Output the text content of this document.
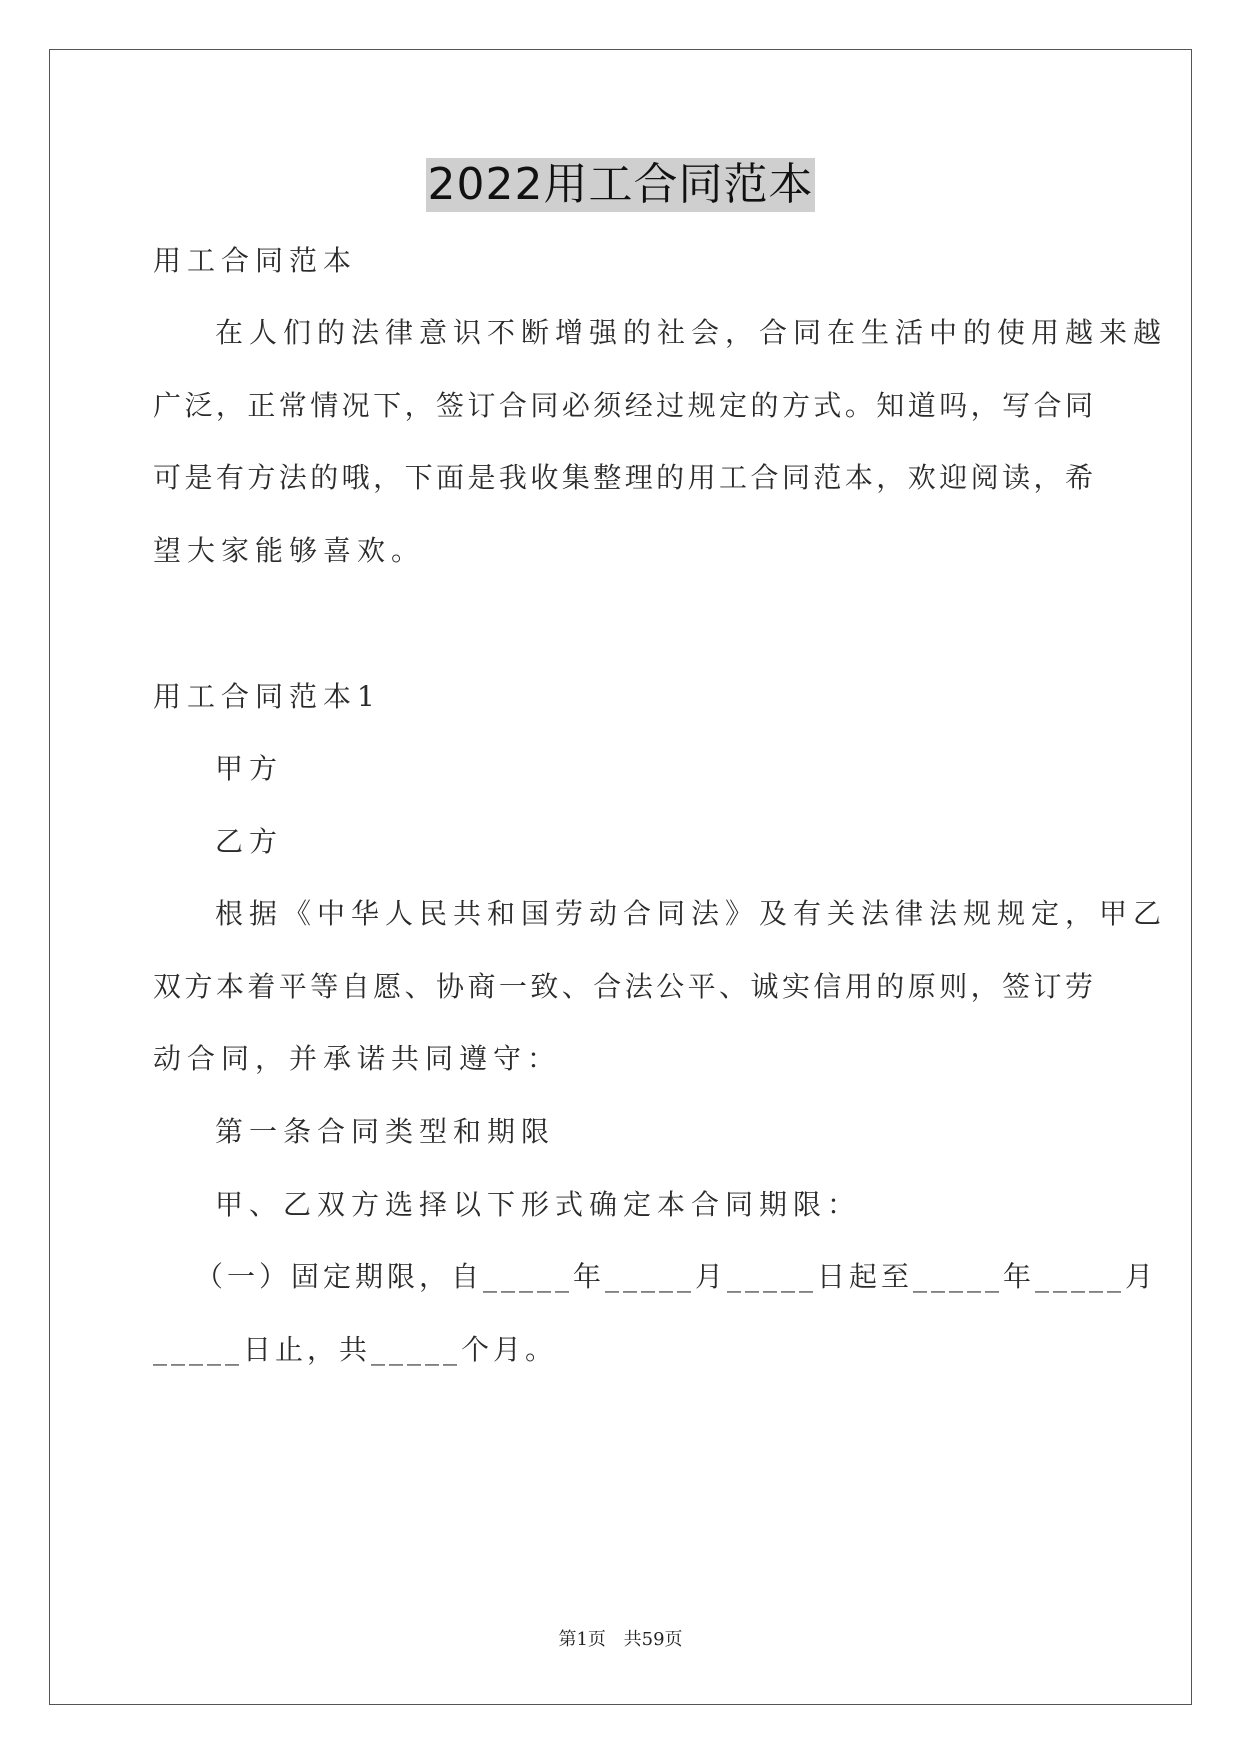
2022用工合同范本
用工合同范本
在人们的法律意识不断增强的社会，合同在生活中的使用越来越
广泛，正常情况下，签订合同必须经过规定的方式。知道吗，写合同
可是有方法的哦，下面是我收集整理的用工合同范本，欢迎阅读，希
望大家能够喜欢。
用工合同范本1
甲方
乙方
根据《中华人民共和国劳动合同法》及有关法律法规规定，甲乙
双方本着平等自愿、协商一致、合法公平、诚实信用的原则，签订劳
动合同，并承诺共同遵守：
第一条合同类型和期限
甲、乙双方选择以下形式确定本合同期限：
（一）固定期限，自_____年_____月_____日起至_____年_____月
_____日止，共_____个月。
第1页 共59页
